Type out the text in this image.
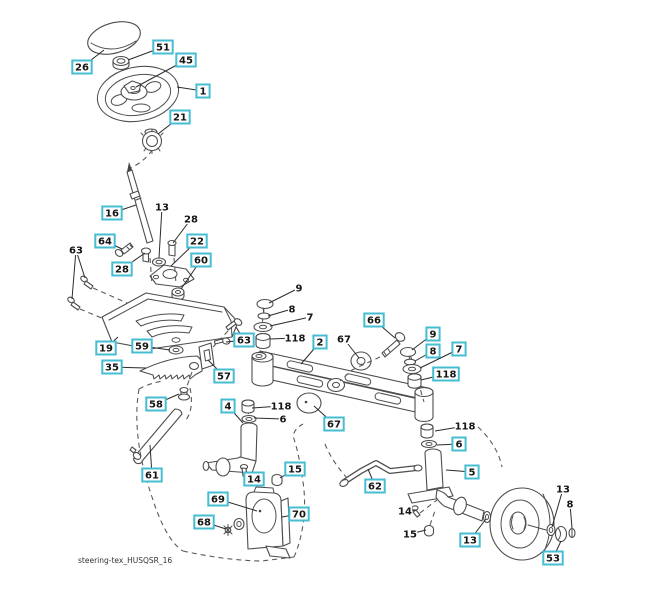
26
51
45
1
21
16
13
28
64	22
28
60
63
19 59
35
63
57
58
61
9
8
7
118 2 67
66
9
8 7
118
4	118
6	67	118
6
5
62
14
15
14
15
13
69
68
70
13
8
53
steering-tex_HUSQSR_16
